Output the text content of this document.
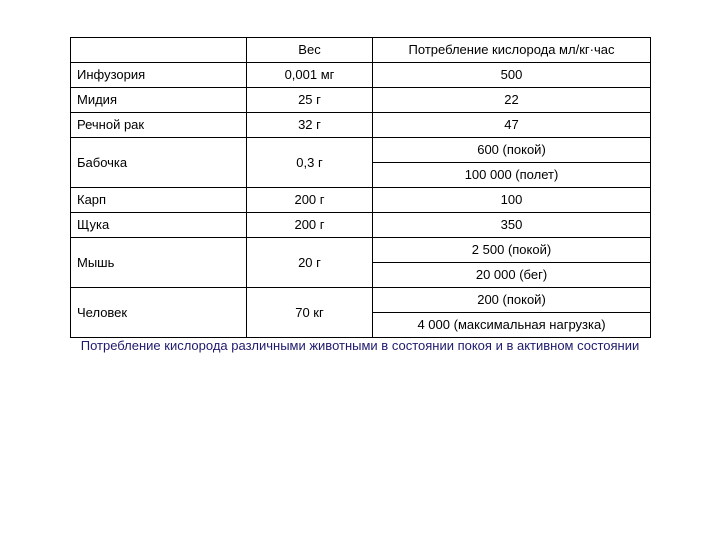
	Вес	Потребление кислорода мл/кг·час
Инфузория	0,001 мг	500
Мидия	25 г	22
Речной рак	32 г	47
Бабочка	0,3 г	600 (покой)
100 000 (полет)

Карп	200 г	100
Щука	200 г	350
Мышь	20 г	2 500 (покой)
20 000 (бег)

Человек	70 кг	200 (покой)
4 000 (максимальная нагрузка)
Потребление кислорода различными животными в состоянии покоя и в активном состоянии
